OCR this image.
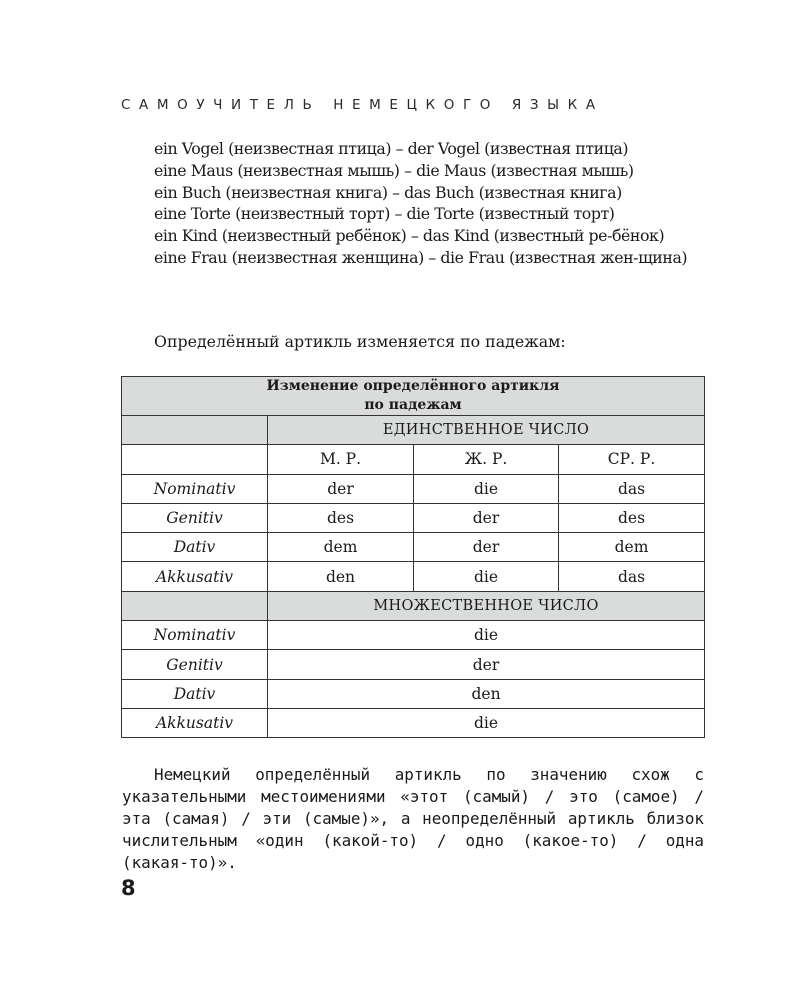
САМОУЧИТЕЛЬ НЕМЕЦКОГО ЯЗЫКА
ein Vogel (неизвестная птица) – der Vogel (известная птица)
eine Maus (неизвестная мышь) – die Maus (известная мышь)
ein Buch (неизвестная книга) – das Buch (известная книга)
eine Torte (неизвестный торт) – die Torte (известный торт)
ein Kind (неизвестный ребёнок) – das Kind (известный ре-бёнок)
eine Frau (неизвестная женщина) – die Frau (известная жен-щина)
Определённый артикль изменяется по падежам:
Изменение определённого артикля
по падежам			
	ЕДИНСТВЕННОЕ ЧИСЛО		
	М. Р.	Ж. Р.	СР. Р.
Nominativ	der	die	das
Genitiv	des	der	des
Dativ	dem	der	dem
Akkusativ	den	die	das
	МНОЖЕСТВЕННОЕ ЧИСЛО		
Nominativ	die		
Genitiv	der		
Dativ	den		
Akkusativ	die		
Немецкий определённый артикль по значению схож с указательными местоимениями «этот (самый) / это (самое) / эта (самая) / эти (самые)», а неопределённый артикль близок числительным «один (какой-то) / одно (какое-то) / одна (какая-то)».
8
